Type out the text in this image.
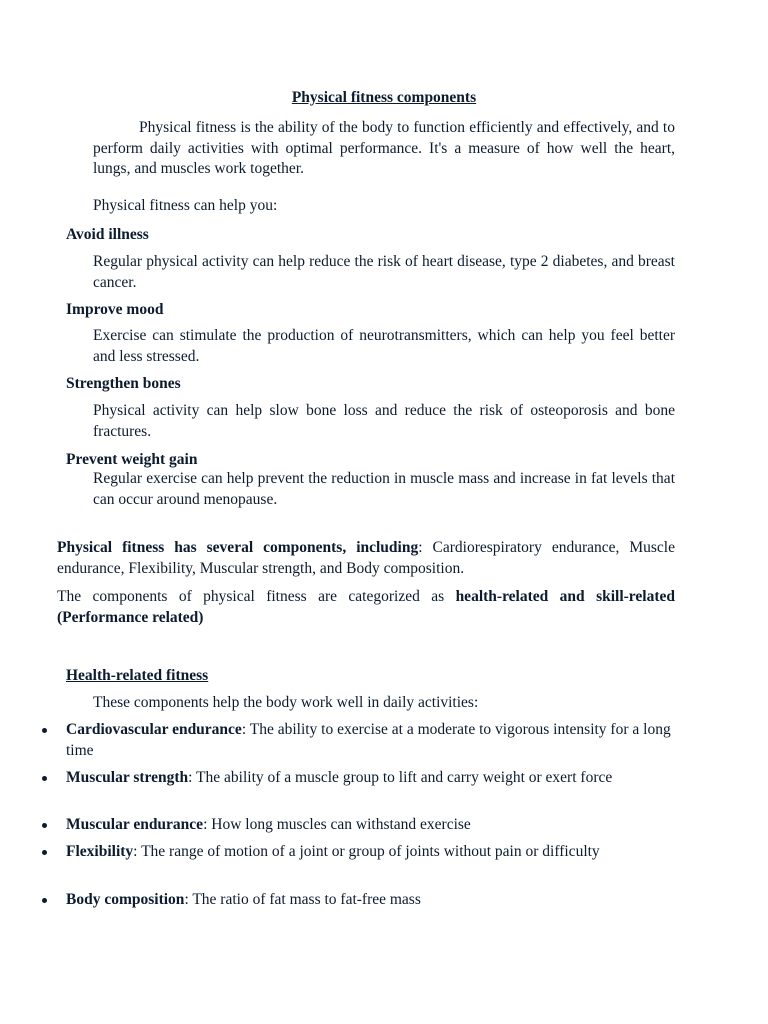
Physical fitness components
Physical fitness is the ability of the body to function efficiently and effectively, and to perform daily activities with optimal performance. It's a measure of how well the heart, lungs, and muscles work together.
Physical fitness can help you:
Avoid illness
Regular physical activity can help reduce the risk of heart disease, type 2 diabetes, and breast cancer.
Improve mood
Exercise can stimulate the production of neurotransmitters, which can help you feel better and less stressed.
Strengthen bones
Physical activity can help slow bone loss and reduce the risk of osteoporosis and bone fractures.
Prevent weight gain
Regular exercise can help prevent the reduction in muscle mass and increase in fat levels that can occur around menopause.
Physical fitness has several components, including: Cardiorespiratory endurance, Muscle endurance, Flexibility, Muscular strength, and Body composition.
The components of physical fitness are categorized as health-related and skill-related (Performance related)
Health-related fitness
These components help the body work well in daily activities:
Cardiovascular endurance: The ability to exercise at a moderate to vigorous intensity for a long time
Muscular strength: The ability of a muscle group to lift and carry weight or exert force
Muscular endurance: How long muscles can withstand exercise
Flexibility: The range of motion of a joint or group of joints without pain or difficulty
Body composition: The ratio of fat mass to fat-free mass
